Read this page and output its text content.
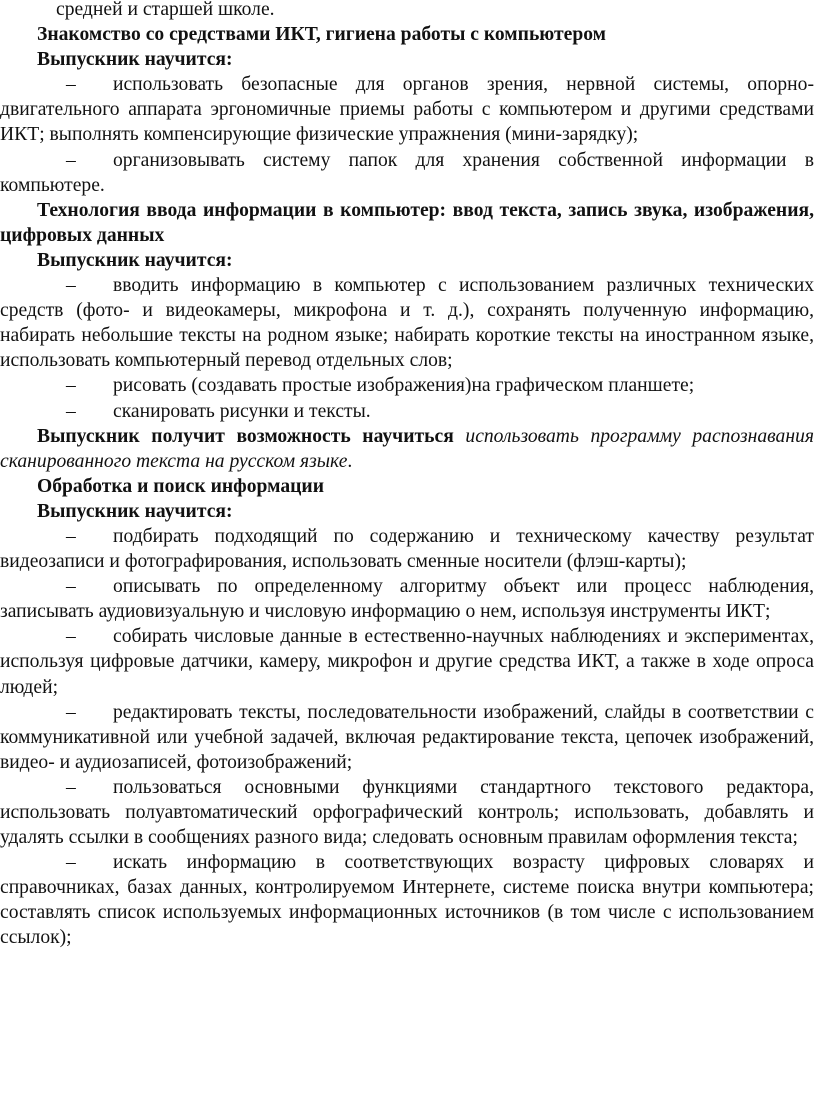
средней и старшей школе.

Знакомство со средствами ИКТ, гигиена работы с компьютером

Выпускник научится:

– использовать безопасные для органов зрения, нервной системы, опорно-двигательного аппарата эргономичные приемы работы с компьютером и другими средствами ИКТ; выполнять компенсирующие физические упражнения (мини-зарядку);

– организовывать систему папок для хранения собственной информации в компьютере.

Технология ввода информации в компьютер: ввод текста, запись звука, изображения, цифровых данных

Выпускник научится:

– вводить информацию в компьютер с использованием различных технических средств (фото- и видеокамеры, микрофона и т. д.), сохранять полученную информацию, набирать небольшие тексты на родном языке; набирать короткие тексты на иностранном языке, использовать компьютерный перевод отдельных слов;

– рисовать (создавать простые изображения)на графическом планшете;

– сканировать рисунки и тексты.

Выпускник получит возможность научиться использовать программу распознавания сканированного текста на русском языке.

Обработка и поиск информации

Выпускник научится:

– подбирать подходящий по содержанию и техническому качеству результат видеозаписи и фотографирования, использовать сменные носители (флэш-карты);

– описывать по определенному алгоритму объект или процесс наблюдения, записывать аудиовизуальную и числовую информацию о нем, используя инструменты ИКТ;

– собирать числовые данные в естественно-научных наблюдениях и экспериментах, используя цифровые датчики, камеру, микрофон и другие средства ИКТ, а также в ходе опроса людей;

– редактировать тексты, последовательности изображений, слайды в соответствии с коммуникативной или учебной задачей, включая редактирование текста, цепочек изображений, видео- и аудиозаписей, фотоизображений;

– пользоваться основными функциями стандартного текстового редактора, использовать полуавтоматический орфографический контроль; использовать, добавлять и удалять ссылки в сообщениях разного вида; следовать основным правилам оформления текста;

– искать информацию в соответствующих возрасту цифровых словарях и справочниках, базах данных, контролируемом Интернете, системе поиска внутри компьютера; составлять список используемых информационных источников (в том числе с использованием ссылок);
